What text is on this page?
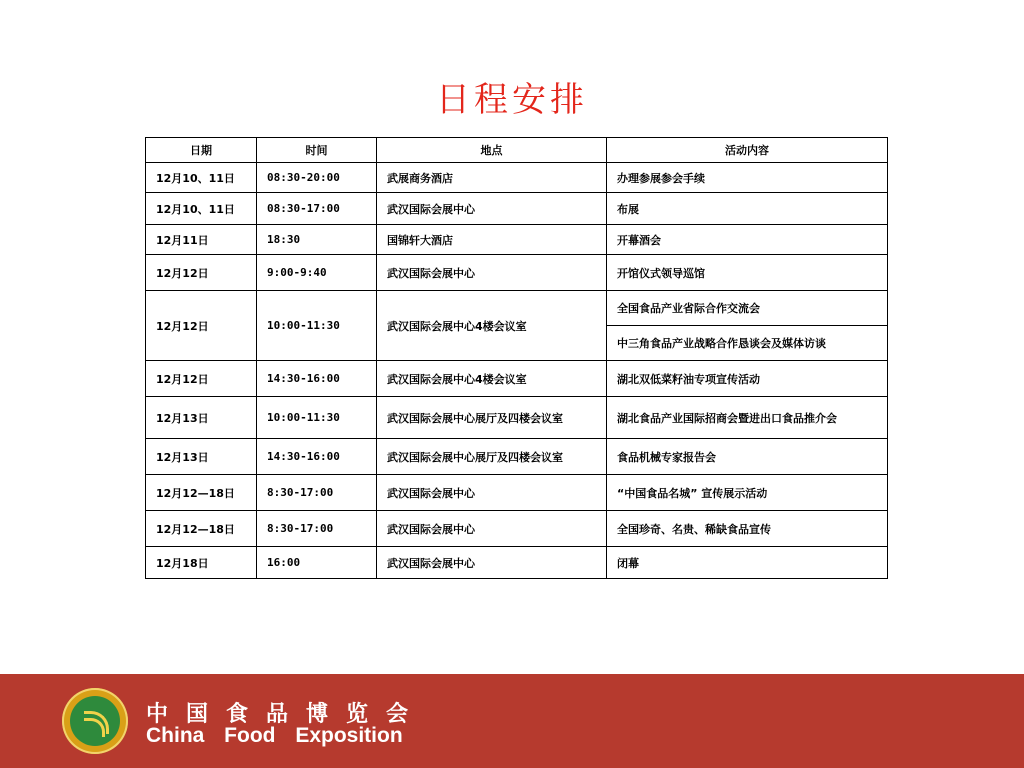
日程安排
日期	时间	地点	活动内容
12月10、11日	08:30-20:00	武展商务酒店	办理参展参会手续
12月10、11日	08:30-17:00	武汉国际会展中心	布展
12月11日	18:30	国锦轩大酒店	开幕酒会
12月12日	9:00-9:40	武汉国际会展中心	开馆仪式领导巡馆
12月12日	10:00-11:30	武汉国际会展中心4楼会议室	全国食品产业省际合作交流会
			中三角食品产业战略合作恳谈会及媒体访谈
12月12日	14:30-16:00	武汉国际会展中心4楼会议室	湖北双低菜籽油专项宣传活动
12月13日	10:00-11:30	武汉国际会展中心展厅及四楼会议室	湖北食品产业国际招商会暨进出口食品推介会
12月13日	14:30-16:00	武汉国际会展中心展厅及四楼会议室	食品机械专家报告会
12月12—18日	8:30-17:00	武汉国际会展中心	“中国食品名城” 宣传展示活动
12月12—18日	8:30-17:00	武汉国际会展中心	全国珍奇、名贵、稀缺食品宣传
12月18日	16:00	武汉国际会展中心	闭幕
中国食品博览会
China Food Exposition
